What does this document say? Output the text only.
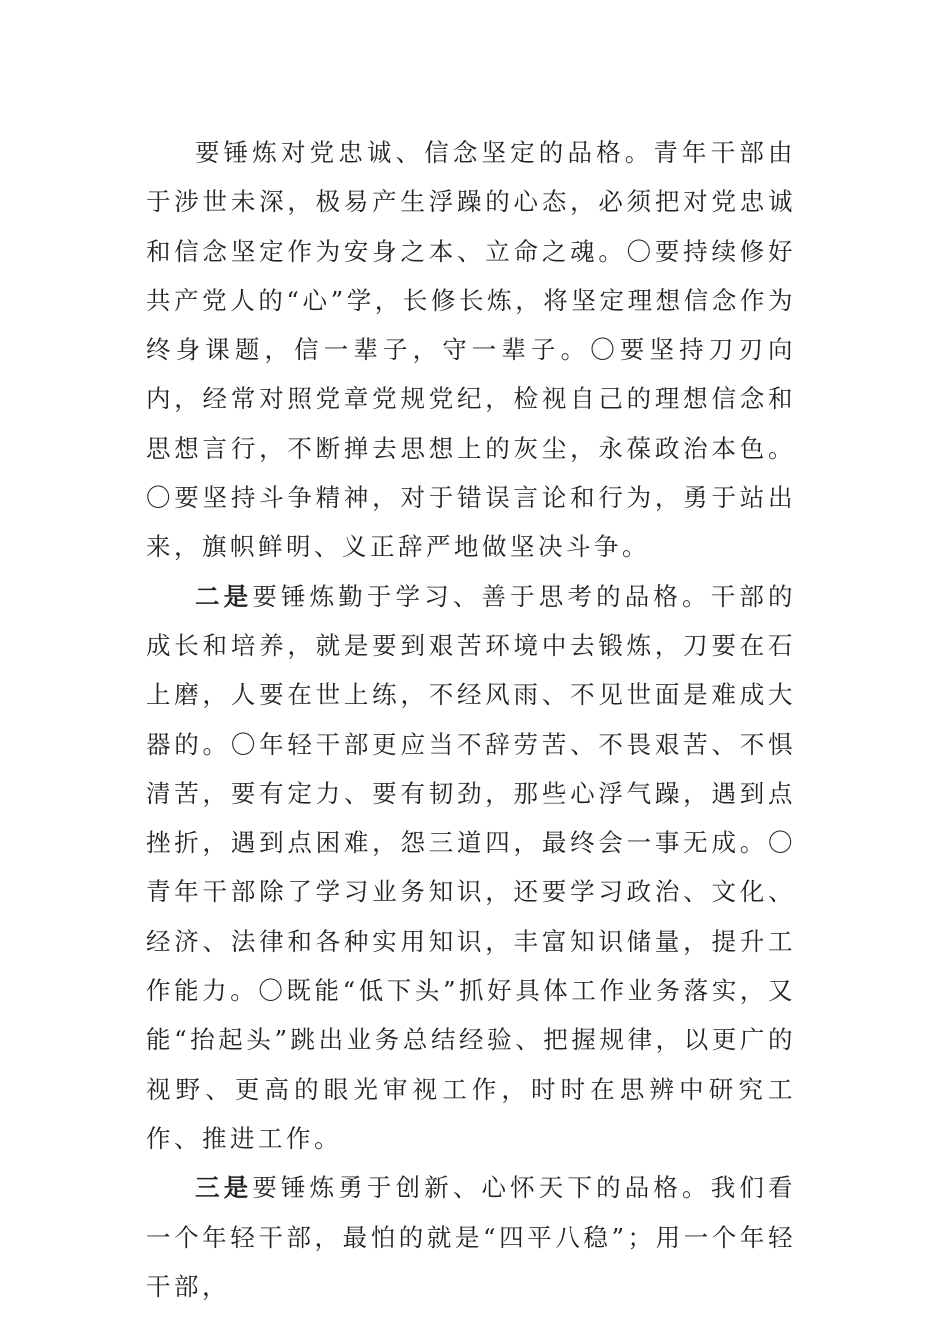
要锤炼对党忠诚、信念坚定的品格。青年干部由于涉世未深，极易产生浮躁的心态，必须把对党忠诚和信念坚定作为安身之本、立命之魂。〇要持续修好共产党人的“心”学，长修长炼，将坚定理想信念作为终身课题，信一辈子，守一辈子。〇要坚持刀刃向内，经常对照党章党规党纪，检视自己的理想信念和思想言行，不断掸去思想上的灰尘，永葆政治本色。〇要坚持斗争精神，对于错误言论和行为，勇于站出来，旗帜鲜明、义正辞严地做坚决斗争。

二是要锤炼勤于学习、善于思考的品格。干部的成长和培养，就是要到艰苦环境中去锻炼，刀要在石上磨，人要在世上练，不经风雨、不见世面是难成大器的。〇年轻干部更应当不辞劳苦、不畏艰苦、不惧清苦，要有定力、要有韧劲，那些心浮气躁，遇到点挫折，遇到点困难，怨三道四，最终会一事无成。〇青年干部除了学习业务知识，还要学习政治、文化、经济、法律和各种实用知识，丰富知识储量，提升工作能力。〇既能“低下头”抓好具体工作业务落实，又能“抬起头”跳出业务总结经验、把握规律，以更广的视野、更高的眼光审视工作，时时在思辨中研究工作、推进工作。

三是要锤炼勇于创新、心怀天下的品格。我们看一个年轻干部，最怕的就是“四平八稳”；用一个年轻干部，
